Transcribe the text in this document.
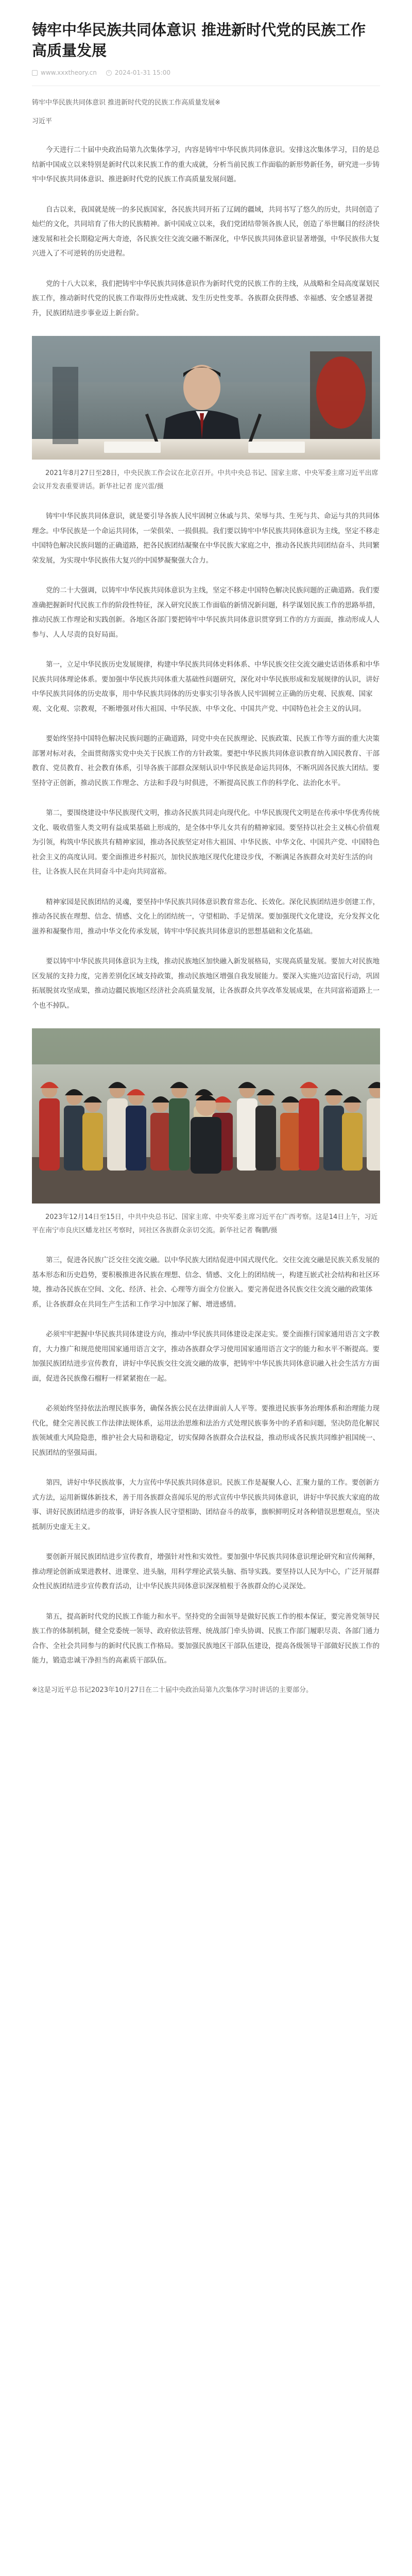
铸牢中华民族共同体意识 推进新时代党的民族工作高质量发展
www.xxxtheory.cn	2024-01-31 15:00
铸牢中华民族共同体意识 推进新时代党的民族工作高质量发展※
习近平

今天进行二十届中央政治局第九次集体学习，内容是铸牢中华民族共同体意识。安排这次集体学习，目的是总结新中国成立以来特别是新时代以来民族工作的重大成就，分析当前民族工作面临的新形势新任务，研究进一步铸牢中华民族共同体意识、推进新时代党的民族工作高质量发展问题。

自古以来，我国就是统一的多民族国家，各民族共同开拓了辽阔的疆域，共同书写了悠久的历史，共同创造了灿烂的文化，共同培育了伟大的民族精神。新中国成立以来，我们党团结带领各族人民，创造了举世瞩目的经济快速发展和社会长期稳定两大奇迹，各民族交往交流交融不断深化，中华民族共同体意识显著增强，中华民族伟大复兴进入了不可逆转的历史进程。

党的十八大以来，我们把铸牢中华民族共同体意识作为新时代党的民族工作的主线，从战略和全局高度谋划民族工作，推动新时代党的民族工作取得历史性成就、发生历史性变革。各族群众获得感、幸福感、安全感显著提升，民族团结进步事业迈上新台阶。

2021年8月27日至28日，中央民族工作会议在北京召开。中共中央总书记、国家主席、中央军委主席习近平出席会议并发表重要讲话。新华社记者 庞兴雷/摄

铸牢中华民族共同体意识，就是要引导各族人民牢固树立休戚与共、荣辱与共、生死与共、命运与共的共同体理念。中华民族是一个命运共同体，一荣俱荣、一损俱损。我们要以铸牢中华民族共同体意识为主线，坚定不移走中国特色解决民族问题的正确道路，把各民族团结凝聚在中华民族大家庭之中，推动各民族共同团结奋斗、共同繁荣发展，为实现中华民族伟大复兴的中国梦凝聚强大合力。

党的二十大强调，以铸牢中华民族共同体意识为主线，坚定不移走中国特色解决民族问题的正确道路。我们要准确把握新时代民族工作的阶段性特征，深入研究民族工作面临的新情况新问题，科学谋划民族工作的思路举措，推动民族工作理论和实践创新。各地区各部门要把铸牢中华民族共同体意识贯穿到工作的方方面面，推动形成人人参与、人人尽责的良好局面。

第一，立足中华民族历史发展规律，构建中华民族共同体史料体系、中华民族交往交流交融史话语体系和中华民族共同体理论体系。要加强中华民族共同体重大基础性问题研究，深化对中华民族形成和发展规律的认识，讲好中华民族共同体的历史故事，用中华民族共同体的历史事实引导各族人民牢固树立正确的历史观、民族观、国家观、文化观、宗教观，不断增强对伟大祖国、中华民族、中华文化、中国共产党、中国特色社会主义的认同。

要始终坚持中国特色解决民族问题的正确道路，同党中央在民族理论、民族政策、民族工作等方面的重大决策部署对标对表，全面贯彻落实党中央关于民族工作的方针政策。要把中华民族共同体意识教育纳入国民教育、干部教育、党员教育、社会教育体系，引导各族干部群众深刻认识中华民族是命运共同体，不断巩固各民族大团结。要坚持守正创新，推动民族工作理念、方法和手段与时俱进，不断提高民族工作的科学化、法治化水平。

第二，要围绕建设中华民族现代文明，推动各民族共同走向现代化。中华民族现代文明是在传承中华优秀传统文化、吸收借鉴人类文明有益成果基础上形成的，是全体中华儿女共有的精神家园。要坚持以社会主义核心价值观为引领，构筑中华民族共有精神家园，推动各民族坚定对伟大祖国、中华民族、中华文化、中国共产党、中国特色社会主义的高度认同。要全面推进乡村振兴，加快民族地区现代化建设步伐，不断满足各族群众对美好生活的向往，让各族人民在共同奋斗中走向共同富裕。

精神家园是民族团结的灵魂，要坚持中华民族共同体意识教育常态化、长效化。深化民族团结进步创建工作，推动各民族在理想、信念、情感、文化上的团结统一，守望相助、手足情深。要加强现代文化建设，充分发挥文化滋养和凝聚作用，推动中华文化传承发展，铸牢中华民族共同体意识的思想基础和文化基础。

要以铸牢中华民族共同体意识为主线，推动民族地区加快融入新发展格局，实现高质量发展。要加大对民族地区发展的支持力度，完善差别化区域支持政策，推动民族地区增强自我发展能力。要深入实施兴边富民行动，巩固拓展脱贫攻坚成果，推动边疆民族地区经济社会高质量发展，让各族群众共享改革发展成果，在共同富裕道路上一个也不掉队。

2023年12月14日至15日，中共中央总书记、国家主席、中央军委主席习近平在广西考察。这是14日上午，习近平在南宁市良庆区蟠龙社区考察时，同社区各族群众亲切交流。新华社记者 鞠鹏/摄

第三，促进各民族广泛交往交流交融。以中华民族大团结促进中国式现代化。交往交流交融是民族关系发展的基本形态和历史趋势，要积极推进各民族在理想、信念、情感、文化上的团结统一，构建互嵌式社会结构和社区环境，推动各民族在空间、文化、经济、社会、心理等方面全方位嵌入。要完善促进各民族交往交流交融的政策体系，让各族群众在共同生产生活和工作学习中加深了解、增进感情。

必须牢牢把握中华民族共同体建设方向，推动中华民族共同体建设走深走实。要全面推行国家通用语言文字教育，大力推广和规范使用国家通用语言文字，推动各族群众学习使用国家通用语言文字的能力和水平不断提高。要加强民族团结进步宣传教育，讲好中华民族交往交流交融的故事，把铸牢中华民族共同体意识融入社会生活方方面面，促进各民族像石榴籽一样紧紧抱在一起。

必须始终坚持依法治理民族事务，确保各族公民在法律面前人人平等。要推进民族事务治理体系和治理能力现代化，健全完善民族工作法律法规体系，运用法治思维和法治方式处理民族事务中的矛盾和问题，坚决防范化解民族领域重大风险隐患，维护社会大局和谐稳定，切实保障各族群众合法权益，推动形成各民族共同维护祖国统一、民族团结的坚强局面。

第四，讲好中华民族故事，大力宣传中华民族共同体意识。民族工作是凝聚人心、汇聚力量的工作。要创新方式方法，运用新媒体新技术，善于用各族群众喜闻乐见的形式宣传中华民族共同体意识，讲好中华民族大家庭的故事、讲好民族团结进步的故事，讲好各族人民守望相助、团结奋斗的故事，旗帜鲜明反对各种错误思想观点，坚决抵制历史虚无主义。

要创新开展民族团结进步宣传教育，增强针对性和实效性。要加强中华民族共同体意识理论研究和宣传阐释，推动理论创新成果进教材、进课堂、进头脑，用科学理论武装头脑、指导实践。要坚持以人民为中心，广泛开展群众性民族团结进步宣传教育活动，让中华民族共同体意识深深植根于各族群众的心灵深处。

第五，提高新时代党的民族工作能力和水平。坚持党的全面领导是做好民族工作的根本保证，要完善党领导民族工作的体制机制，健全党委统一领导、政府依法管理、统战部门牵头协调、民族工作部门履职尽责、各部门通力合作、全社会共同参与的新时代民族工作格局。要加强民族地区干部队伍建设，提高各级领导干部做好民族工作的能力，锻造忠诚干净担当的高素质干部队伍。

※这是习近平总书记2023年10月27日在二十届中央政治局第九次集体学习时讲话的主要部分。
